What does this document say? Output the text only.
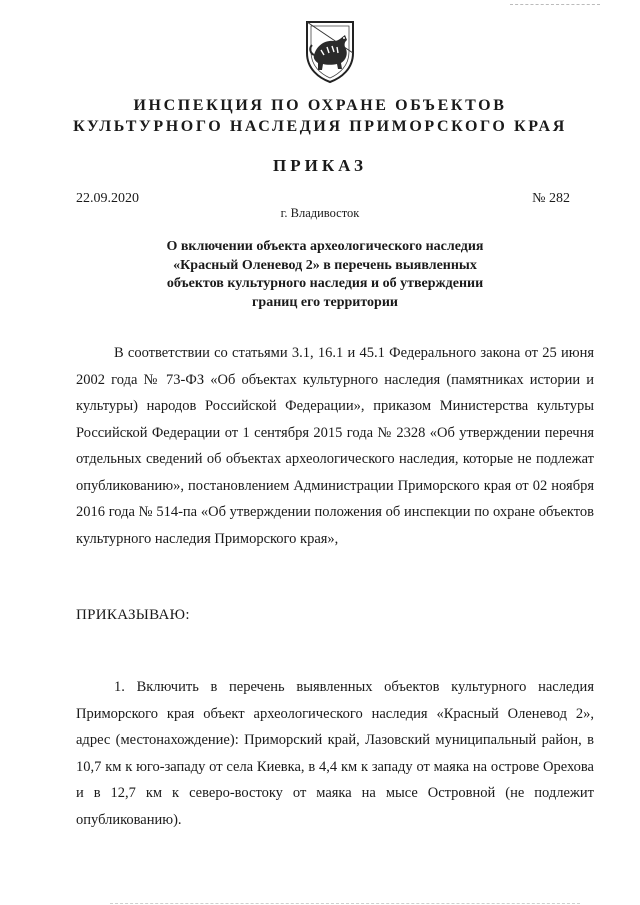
ИНСПЕКЦИЯ ПО ОХРАНЕ ОБЪЕКТОВ
КУЛЬТУРНОГО НАСЛЕДИЯ ПРИМОРСКОГО КРАЯ
ПРИКАЗ
22.09.2020	№ 282
г. Владивосток
О включении объекта археологического наследия
«Красный Оленевод 2» в перечень выявленных
объектов культурного наследия и об утверждении
границ его территории
В соответствии со статьями 3.1, 16.1 и 45.1 Федерального закона от 25 июня 2002 года № 73-ФЗ «Об объектах культурного наследия (памятниках истории и культуры) народов Российской Федерации», приказом Министерства культуры Российской Федерации от 1 сентября 2015 года № 2328 «Об утверждении перечня отдельных сведений об объектах археологического наследия, которые не подлежат опубликованию», постановлением Администрации Приморского края от 02 ноября 2016 года № 514-па «Об утверждении положения об инспекции по охране объектов культурного наследия Приморского края»,
ПРИКАЗЫВАЮ:
1. Включить в перечень выявленных объектов культурного наследия Приморского края объект археологического наследия «Красный Оленевод 2», адрес (местонахождение): Приморский край, Лазовский муниципальный район, в 10,7 км к юго-западу от села Киевка, в 4,4 км к западу от маяка на острове Орехова и в 12,7 км к северо-востоку от маяка на мысе Островной (не подлежит опубликованию).
